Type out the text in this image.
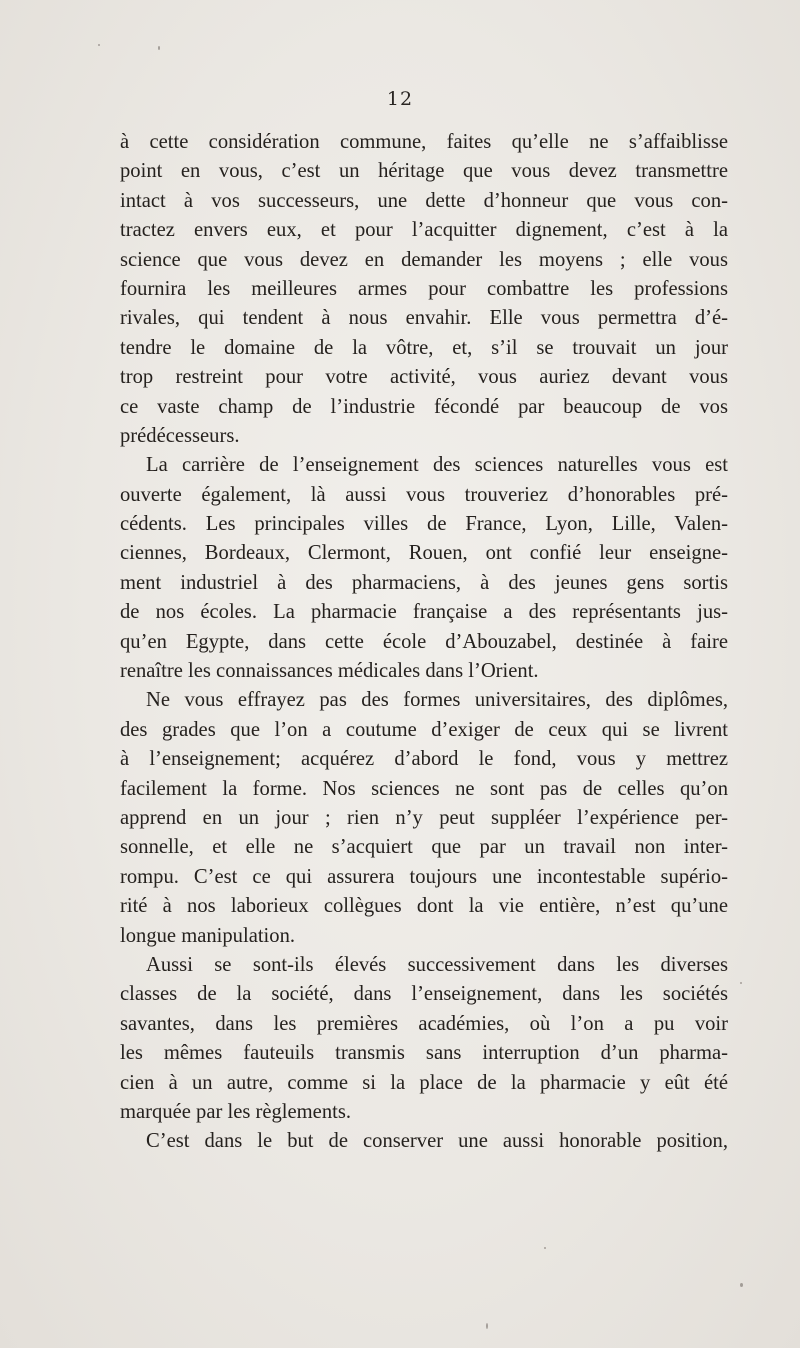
12
à cette considération commune, faites qu’elle ne s’affaiblisse
point en vous, c’est un héritage que vous devez transmettre
intact à vos successeurs, une dette d’honneur que vous con-
tractez envers eux, et pour l’acquitter dignement, c’est à la
science que vous devez en demander les moyens ; elle vous
fournira les meilleures armes pour combattre les professions
rivales, qui tendent à nous envahir. Elle vous permettra d’é-
tendre le domaine de la vôtre, et, s’il se trouvait un jour
trop restreint pour votre activité, vous auriez devant vous
ce vaste champ de l’industrie fécondé par beaucoup de vos
prédécesseurs.
La carrière de l’enseignement des sciences naturelles vous est
ouverte également, là aussi vous trouveriez d’honorables pré-
cédents. Les principales villes de France, Lyon, Lille, Valen-
ciennes, Bordeaux, Clermont, Rouen, ont confié leur enseigne-
ment industriel à des pharmaciens, à des jeunes gens sortis
de nos écoles. La pharmacie française a des représentants jus-
qu’en Egypte, dans cette école d’Abouzabel, destinée à faire
renaître les connaissances médicales dans l’Orient.
Ne vous effrayez pas des formes universitaires, des diplômes,
des grades que l’on a coutume d’exiger de ceux qui se livrent
à l’enseignement; acquérez d’abord le fond, vous y mettrez
facilement la forme. Nos sciences ne sont pas de celles qu’on
apprend en un jour ; rien n’y peut suppléer l’expérience per-
sonnelle, et elle ne s’acquiert que par un travail non inter-
rompu. C’est ce qui assurera toujours une incontestable supério-
rité à nos laborieux collègues dont la vie entière, n’est qu’une
longue manipulation.
Aussi se sont-ils élevés successivement dans les diverses
classes de la société, dans l’enseignement, dans les sociétés
savantes, dans les premières académies, où l’on a pu voir
les mêmes fauteuils transmis sans interruption d’un pharma-
cien à un autre, comme si la place de la pharmacie y eût été
marquée par les règlements.
C’est dans le but de conserver une aussi honorable position,
